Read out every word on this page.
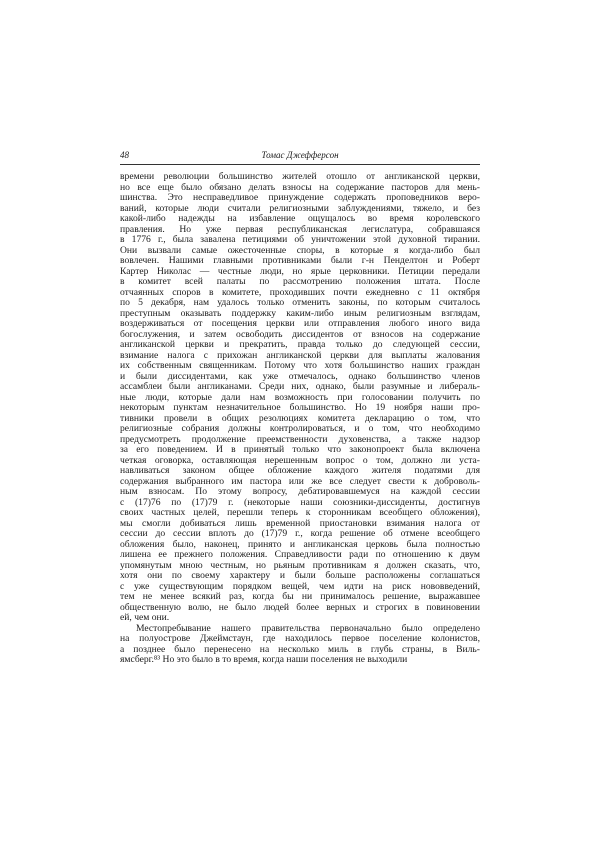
48	Томас Джефферсон
времени революции большинство жителей отошло от англиканской церкви,
но все еще было обязано делать взносы на содержание пасторов для мень-
шинства. Это несправедливое принуждение содержать проповедников веро-
ваний, которые люди считали религиозными заблуждениями, тяжело, и без
какой-либо надежды на избавление ощущалось во время королевского
правления. Но уже первая республиканская легислатура, собравшаяся
в 1776 г., была завалена петициями об уничтожении этой духовной тирании.
Они вызвали самые ожесточенные споры, в которые я когда-либо был
вовлечен. Нашими главными противниками были г-н Пенделтон и Роберт
Картер Николас — честные люди, но ярые церковники. Петиции передали
в комитет всей палаты по рассмотрению положения штата. После
отчаянных споров в комитете, проходивших почти ежедневно с 11 октября
по 5 декабря, нам удалось только отменить законы, по которым считалось
преступным оказывать поддержку каким-либо иным религиозным взглядам,
воздерживаться от посещения церкви или отправления любого иного вида
богослужения, и затем освободить диссидентов от взносов на содержание
англиканской церкви и прекратить, правда только до следующей сессии,
взимание налога с прихожан англиканской церкви для выплаты жалования
их собственным священникам. Потому что хотя большинство наших граждан
и были диссидентами, как уже отмечалось, однако большинство членов
ассамблеи были англиканами. Среди них, однако, были разумные и либераль-
ные люди, которые дали нам возможность при голосовании получить по
некоторым пунктам незначительное большинство. Но 19 ноября наши про-
тивники провели в общих резолюциях комитета декларацию о том, что
религиозные собрания должны контролироваться, и о том, что необходимо
предусмотреть продолжение преемственности духовенства, а также надзор
за его поведением. И в принятый только что законопроект была включена
четкая оговорка, оставляющая нерешенным вопрос о том, должно ли уста-
навливаться законом общее обложение каждого жителя податями для
содержания выбранного им пастора или же все следует свести к доброволь-
ным взносам. По этому вопросу, дебатировавшемуся на каждой сессии
с (17)76 по (17)79 г. (некоторые наши союзники-диссиденты, достигнув
своих частных целей, перешли теперь к сторонникам всеобщего обложения),
мы смогли добиваться лишь временной приостановки взимания налога от
сессии до сессии вплоть до (17)79 г., когда решение об отмене всеобщего
обложения было, наконец, принято и англиканская церковь была полностью
лишена ее прежнего положения. Справедливости ради по отношению к двум
упомянутым мною честным, но рьяным противникам я должен сказать, что,
хотя они по своему характеру и были больше расположены соглашаться
с уже существующим порядком вещей, чем идти на риск нововведений,
тем не менее всякий раз, когда бы ни принималось решение, выражавшее
общественную волю, не было людей более верных и строгих в повиновении
ей, чем они.
Местопребывание нашего правительства первоначально было определено
на полуострове Джеймстаун, где находилось первое поселение колонистов,
а позднее было перенесено на несколько миль в глубь страны, в Виль-
ямсберг.⁸³ Но это было в то время, когда наши поселения не выходили
